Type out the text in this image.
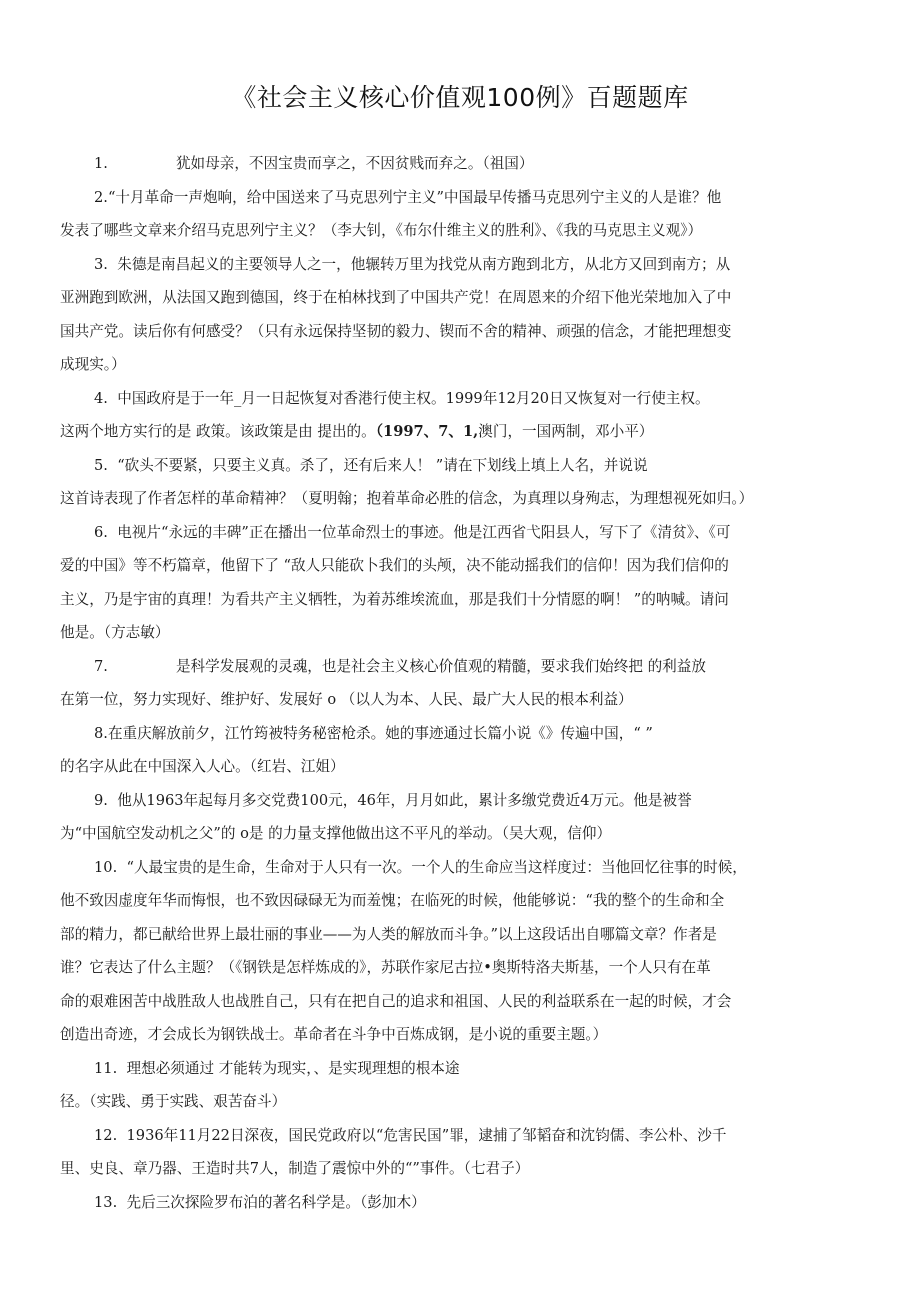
《社会主义核心价值观100例》百题题库
1.	犹如母亲，不因宝贵而享之，不因贫贱而弃之。（祖国）
2.“十月革命一声炮响，给中国送来了马克思列宁主义”中国最早传播马克思列宁主义的人是谁？他
发表了哪些文章来介绍马克思列宁主义？（李大钊，《布尔什维主义的胜利》、《我的马克思主义观》）
3. 朱德是南昌起义的主要领导人之一，他辗转万里为找党从南方跑到北方，从北方又回到南方；从
亚洲跑到欧洲，从法国又跑到德国，终于在柏林找到了中国共产党！在周恩来的介绍下他光荣地加入了中
国共产党。读后你有何感受？（只有永远保持坚韧的毅力、锲而不舍的精神、顽强的信念，才能把理想变
成现实。）
4. 中国政府是于一年_月一日起恢复对香港行使主权。1999年12月20日又恢复对一行使主权。
这两个地方实行的是 政策。该政策是由 提出的。（1997、7、1,澳门，一国两制，邓小平）
5. “砍头不要紧，只要主义真。杀了，还有后来人！ ”请在下划线上填上人名，并说说
这首诗表现了作者怎样的革命精神？（夏明翰；抱着革命必胜的信念，为真理以身殉志，为理想视死如归。）
6. 电视片“永远的丰碑”正在播出一位革命烈士的事迹。他是江西省弋阳县人，写下了《清贫》、《可
爱的中国》等不朽篇章，他留下了 “敌人只能砍卜我们的头颅，决不能动摇我们的信仰！因为我们信仰的
主义，乃是宇宙的真理！为看共产主义牺牲，为着苏维埃流血，那是我们十分情愿的啊！ ”的呐喊。请问
他是。（方志敏）
7.	是科学发展观的灵魂，也是社会主义核心价值观的精髓，要求我们始终把 的利益放
在第一位，努力实现好、维护好、发展好 o （以人为本、人民、最广大人民的根本利益）
8.在重庆解放前夕，江竹筠被特务秘密枪杀。她的事迹通过长篇小说《》传遍中国，“ ”
的名字从此在中国深入人心。（红岩、江姐）
9. 他从1963年起每月多交党费100元，46年，月月如此，累计多缴党费近4万元。他是被誉
为“中国航空发动机之父”的 o是 的力量支撑他做出这不平凡的举动。（吴大观，信仰）
10. “人最宝贵的是生命，生命对于人只有一次。一个人的生命应当这样度过：当他回忆往事的时候，
他不致因虚度年华而悔恨，也不致因碌碌无为而羞愧；在临死的时候，他能够说：“我的整个的生命和全
部的精力，都已献给世界上最壮丽的事业——为人类的解放而斗争。”以上这段话出自哪篇文章？作者是
谁？它表达了什么主题？（《钢铁是怎样炼成的》，苏联作家尼古拉•奥斯特洛夫斯基，一个人只有在革
命的艰难困苦中战胜敌人也战胜自己，只有在把自己的追求和祖国、人民的利益联系在一起的时候，才会
创造出奇迹，才会成长为钢铁战士。革命者在斗争中百炼成钢，是小说的重要主题。）
11. 理想必须通过 才能转为现实，、是实现理想的根本途
径。（实践、勇于实践、艰苦奋斗）
12. 1936年11月22日深夜，国民党政府以“危害民国”罪，逮捕了邹韬奋和沈钧儒、李公朴、沙千
里、史良、章乃器、王造时共7人，制造了震惊中外的“”事件。（七君子）
13. 先后三次探险罗布泊的著名科学是。（彭加木）
